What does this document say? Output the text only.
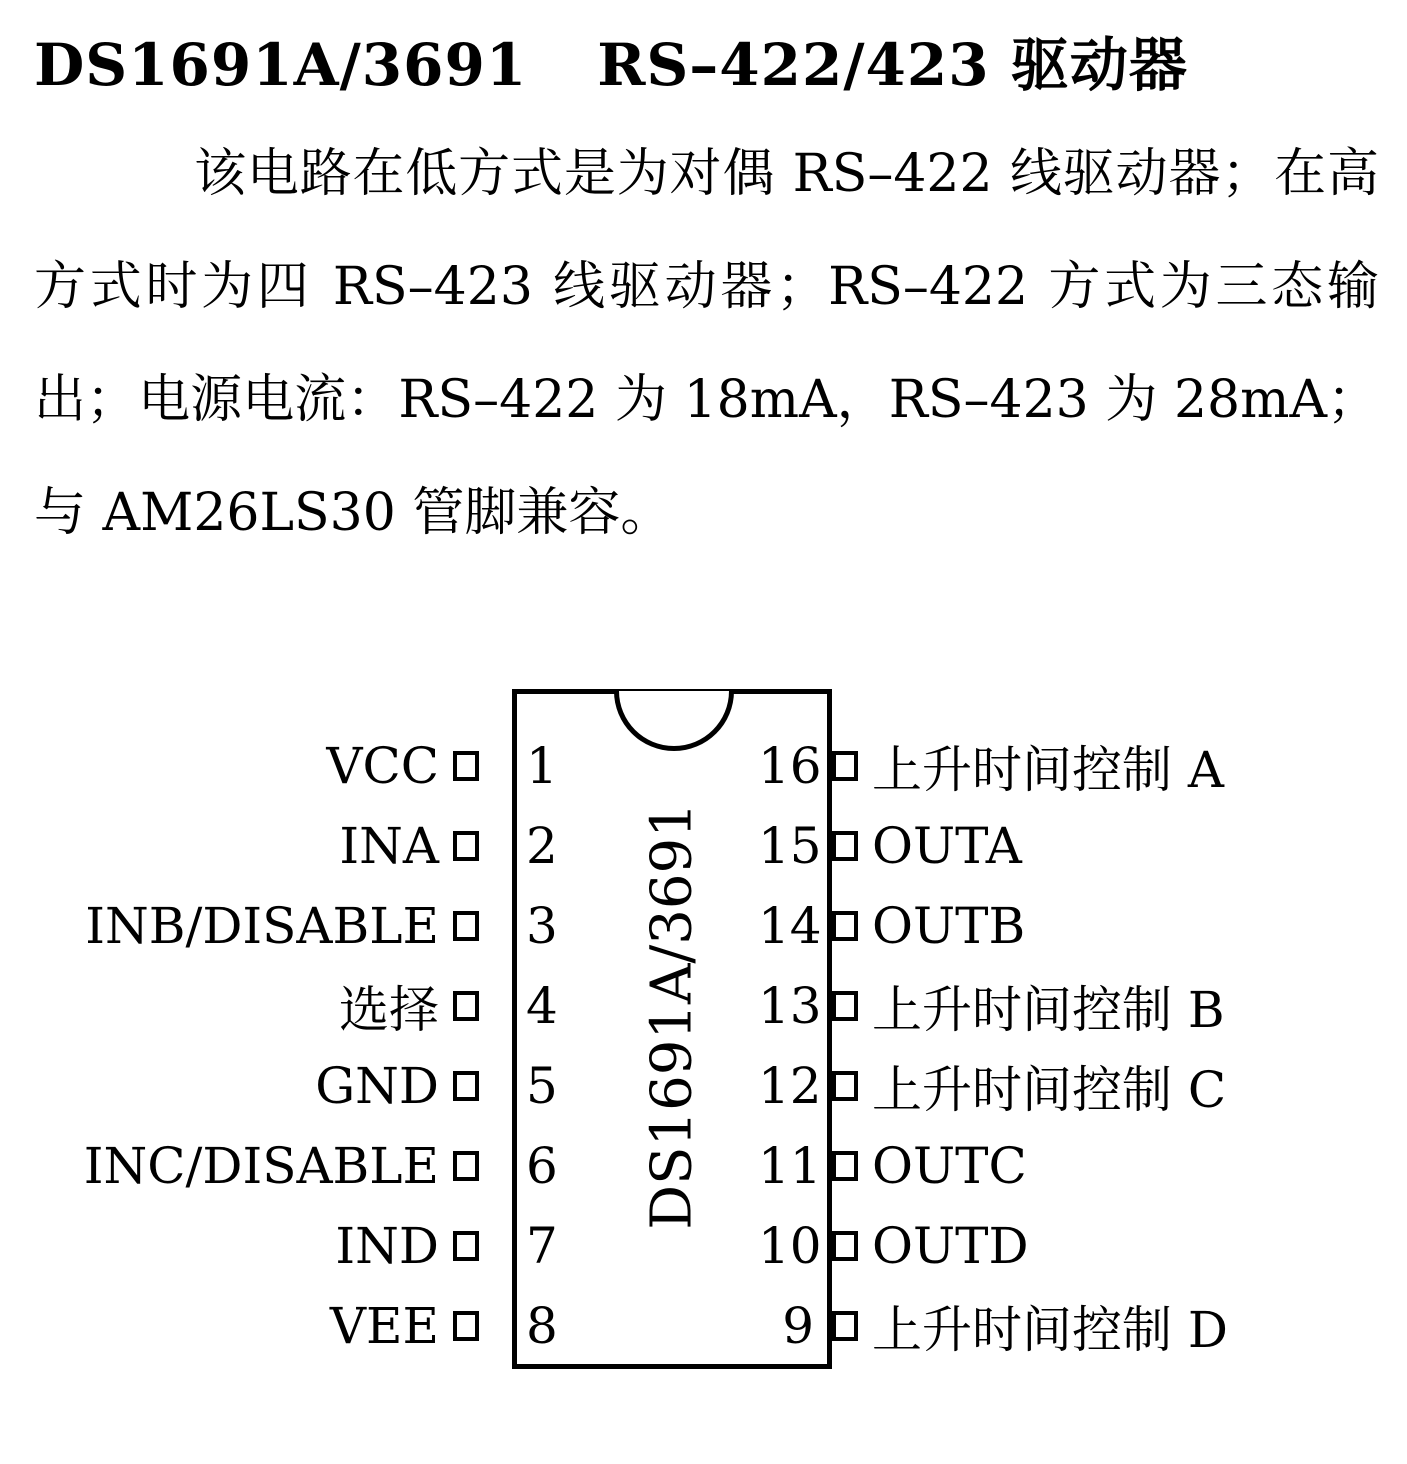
DS1691A/3691 RS–422/423 驱动器
该电路在低方式是为对偶 RS–422 线驱动器；在高方式时为四 RS–423 线驱动器；RS–422 方式为三态输出；电源电流：RS–422 为 18mA，RS–423 为 28mA；与 AM26LS30 管脚兼容。
DS1691A/3691
VCC
INA
INB/DISABLE
选择
GND
INC/DISABLE
IND
VEE
1
2
3
4
5
6
7
8
16 上升时间控制 A
15 OUTA
14 OUTB
13 上升时间控制 B
12 上升时间控制 C
11 OUTC
10 OUTD
9 上升时间控制 D
